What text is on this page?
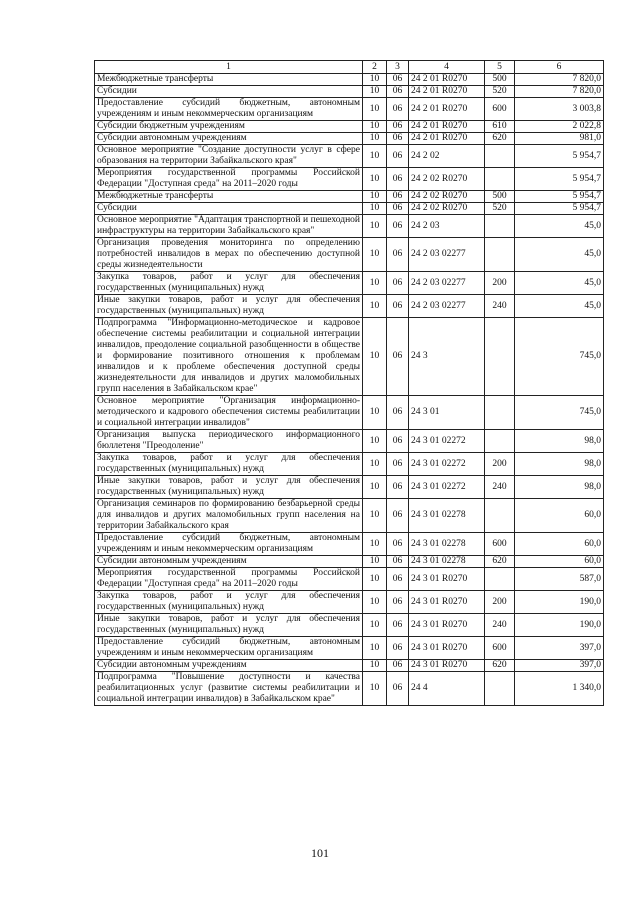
1	2	3	4	5	6
Межбюджетные трансферты	10	06	24 2 01 R0270	500	7 820,0
Субсидии	10	06	24 2 01 R0270	520	7 820,0
Предоставление субсидий бюджетным, автономным учреждениям и иным некоммерческим организациям	10	06	24 2 01 R0270	600	3 003,8
Субсидии бюджетным учреждениям	10	06	24 2 01 R0270	610	2 022,8
Субсидии автономным учреждениям	10	06	24 2 01 R0270	620	981,0
Основное мероприятие "Создание доступности услуг в сфере образования на территории Забайкальского края"	10	06	24 2 02		5 954,7
Мероприятия государственной программы Российской Федерации "Доступная среда" на 2011–2020 годы	10	06	24 2 02 R0270		5 954,7
Межбюджетные трансферты	10	06	24 2 02 R0270	500	5 954,7
Субсидии	10	06	24 2 02 R0270	520	5 954,7
Основное мероприятие "Адаптация транспортной и пешеходной инфраструктуры на территории Забайкальского края"	10	06	24 2 03		45,0
Организация проведения мониторинга по определению потребностей инвалидов в мерах по обеспечению доступной среды жизнедеятельности	10	06	24 2 03 02277		45,0
Закупка товаров, работ и услуг для обеспечения государственных (муниципальных) нужд	10	06	24 2 03 02277	200	45,0
Иные закупки товаров, работ и услуг для обеспечения государственных (муниципальных) нужд	10	06	24 2 03 02277	240	45,0
Подпрограмма "Информационно-методическое и кадровое обеспечение системы реабилитации и социальной интеграции инвалидов, преодоление социальной разобщенности в обществе и формирование позитивного отношения к проблемам инвалидов и к проблеме обеспечения доступной среды жизнедеятельности для инвалидов и других маломобильных групп населения в Забайкальском крае"	10	06	24 3		745,0
Основное мероприятие "Организация информационно-методического и кадрового обеспечения системы реабилитации и социальной интеграции инвалидов"	10	06	24 3 01		745,0
Организация выпуска периодического информационного бюллетеня "Преодоление"	10	06	24 3 01 02272		98,0
Закупка товаров, работ и услуг для обеспечения государственных (муниципальных) нужд	10	06	24 3 01 02272	200	98,0
Иные закупки товаров, работ и услуг для обеспечения государственных (муниципальных) нужд	10	06	24 3 01 02272	240	98,0
Организация семинаров по формированию безбарьерной среды для инвалидов и других маломобильных групп населения на территории Забайкальского края	10	06	24 3 01 02278		60,0
Предоставление субсидий бюджетным, автономным учреждениям и иным некоммерческим организациям	10	06	24 3 01 02278	600	60,0
Субсидии автономным учреждениям	10	06	24 3 01 02278	620	60,0
Мероприятия государственной программы Российской Федерации "Доступная среда" на 2011–2020 годы	10	06	24 3 01 R0270		587,0
Закупка товаров, работ и услуг для обеспечения государственных (муниципальных) нужд	10	06	24 3 01 R0270	200	190,0
Иные закупки товаров, работ и услуг для обеспечения государственных (муниципальных) нужд	10	06	24 3 01 R0270	240	190,0
Предоставление субсидий бюджетным, автономным учреждениям и иным некоммерческим организациям	10	06	24 3 01 R0270	600	397,0
Субсидии автономным учреждениям	10	06	24 3 01 R0270	620	397,0
Подпрограмма "Повышение доступности и качества реабилитационных услуг (развитие системы реабилитации и социальной интеграции инвалидов) в Забайкальском крае"	10	06	24 4		1 340,0
101
